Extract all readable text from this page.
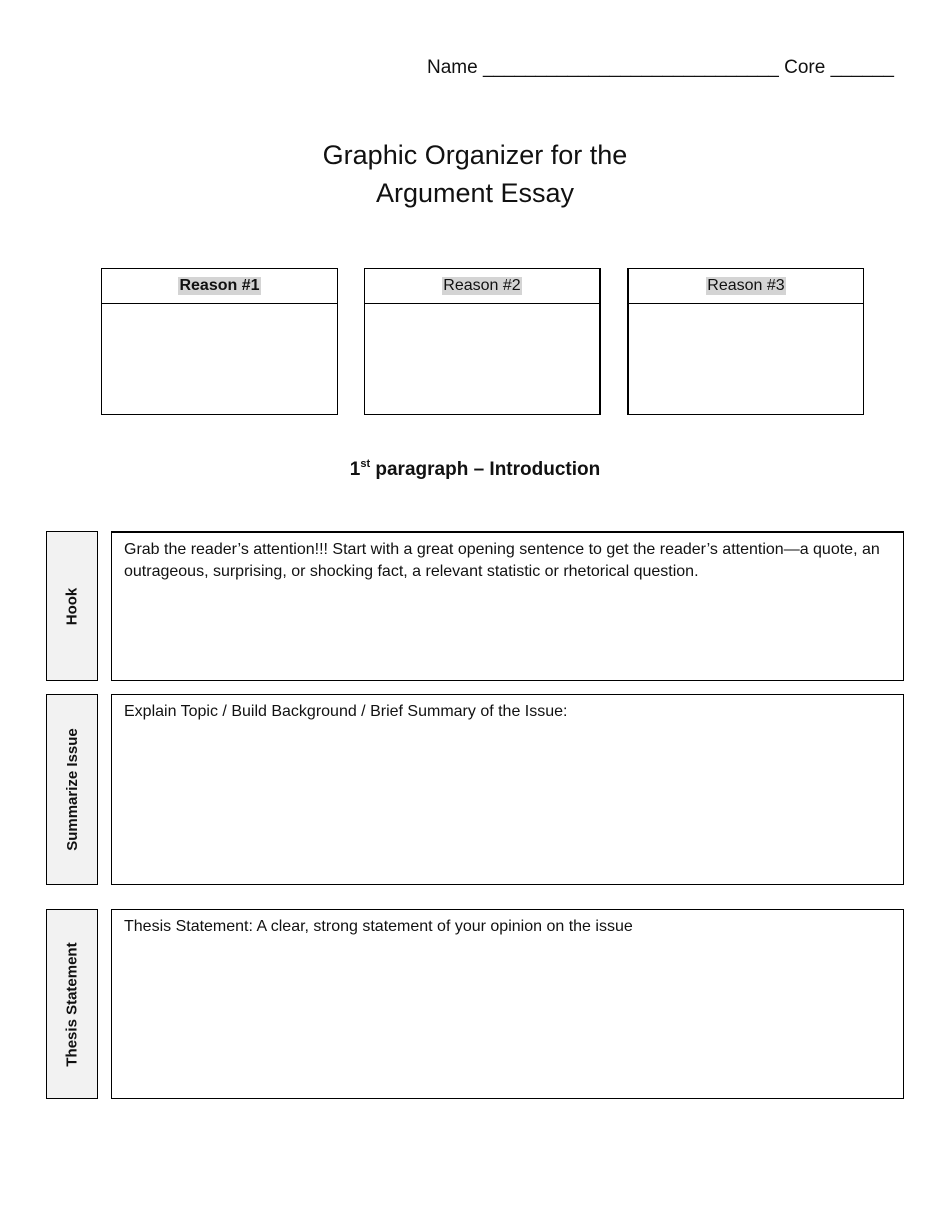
Name ____________________________ Core ______
Graphic Organizer for the
Argument Essay
Reason #1	Reason #2	Reason #3
1st paragraph – Introduction
Hook
Grab the reader’s attention!!! Start with a great opening sentence to get the reader’s attention—a quote, an outrageous, surprising, or shocking fact, a relevant statistic or rhetorical question.
Summarize Issue
Explain Topic / Build Background / Brief Summary of the Issue:
Thesis Statement
Thesis Statement: A clear, strong statement of your opinion on the issue
